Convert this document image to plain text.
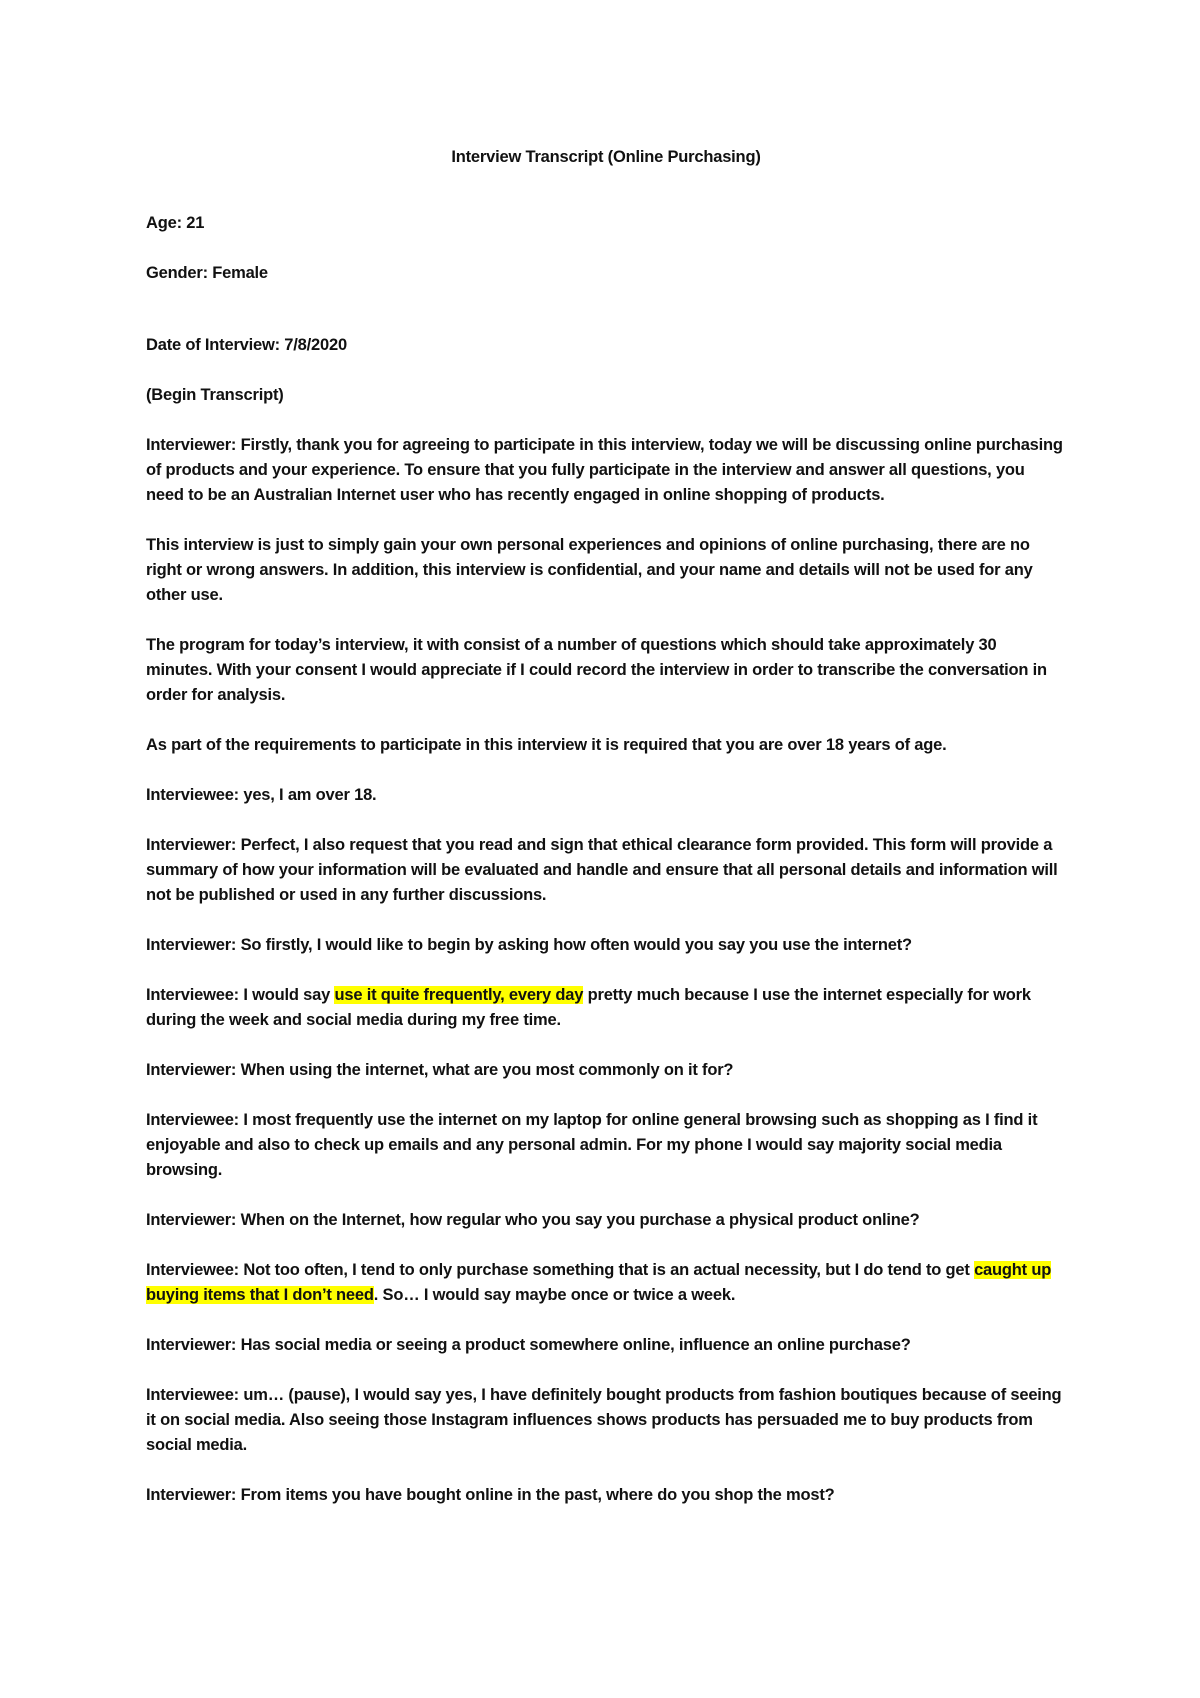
Interview Transcript (Online Purchasing)
Age: 21
Gender: Female
Date of Interview: 7/8/2020
(Begin Transcript)
Interviewer: Firstly, thank you for agreeing to participate in this interview, today we will be discussing online purchasing of products and your experience. To ensure that you fully participate in the interview and answer all questions, you need to be an Australian Internet user who has recently engaged in online shopping of products.
This interview is just to simply gain your own personal experiences and opinions of online purchasing, there are no right or wrong answers. In addition, this interview is confidential, and your name and details will not be used for any other use.
The program for today’s interview, it with consist of a number of questions which should take approximately 30 minutes. With your consent I would appreciate if I could record the interview in order to transcribe the conversation in order for analysis.
As part of the requirements to participate in this interview it is required that you are over 18 years of age.
Interviewee: yes, I am over 18.
Interviewer: Perfect, I also request that you read and sign that ethical clearance form provided. This form will provide a summary of how your information will be evaluated and handle and ensure that all personal details and information will not be published or used in any further discussions.
Interviewer: So firstly, I would like to begin by asking how often would you say you use the internet?
Interviewee: I would say use it quite frequently, every day pretty much because I use the internet especially for work during the week and social media during my free time.
Interviewer: When using the internet, what are you most commonly on it for?
Interviewee: I most frequently use the internet on my laptop for online general browsing such as shopping as I find it enjoyable and also to check up emails and any personal admin. For my phone I would say majority social media browsing.
Interviewer: When on the Internet, how regular who you say you purchase a physical product online?
Interviewee: Not too often, I tend to only purchase something that is an actual necessity, but I do tend to get caught up buying items that I don’t need. So… I would say maybe once or twice a week.
Interviewer: Has social media or seeing a product somewhere online, influence an online purchase?
Interviewee: um… (pause), I would say yes, I have definitely bought products from fashion boutiques because of seeing it on social media. Also seeing those Instagram influences shows products has persuaded me to buy products from social media.
Interviewer: From items you have bought online in the past, where do you shop the most?
